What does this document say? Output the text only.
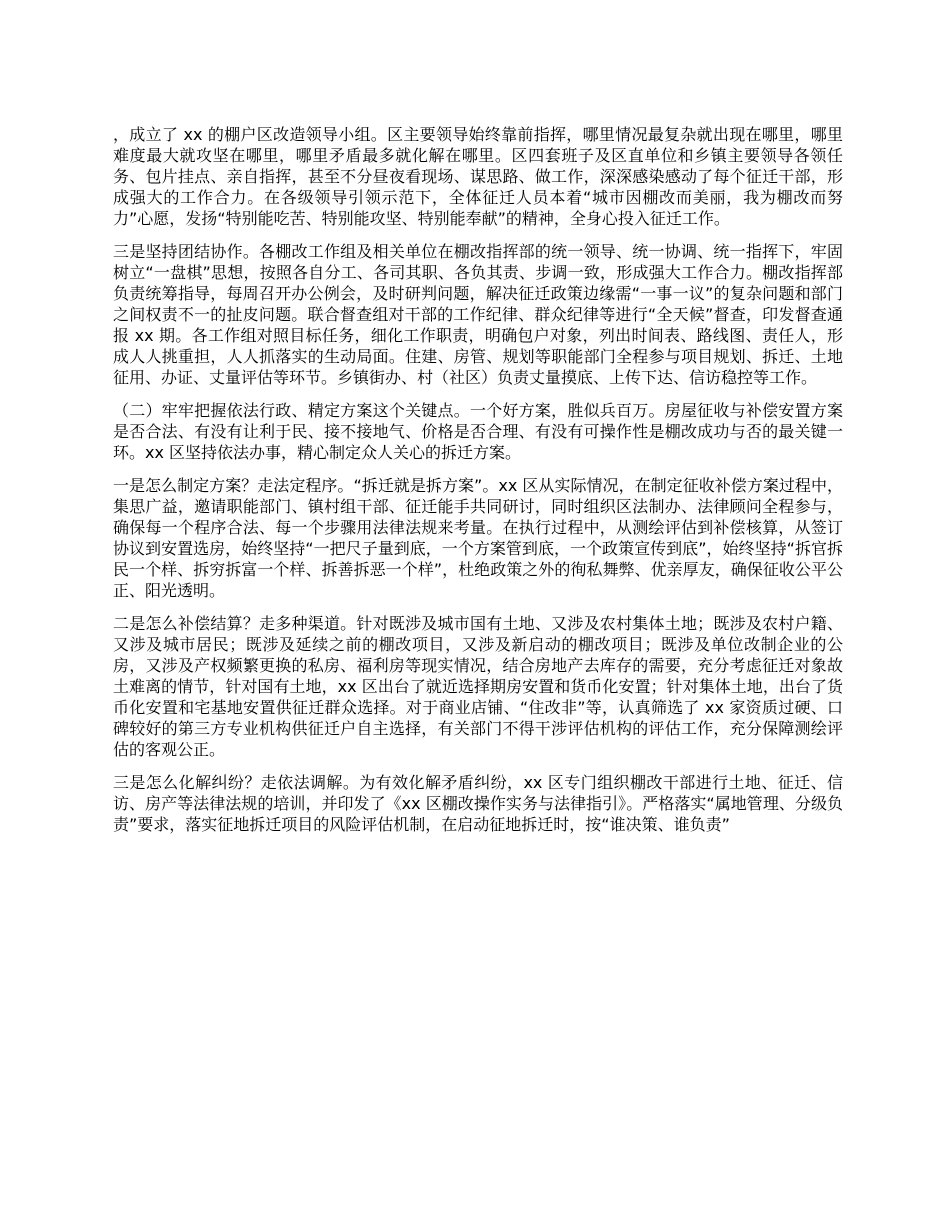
，成立了 xx 的棚户区改造领导小组。区主要领导始终靠前指挥，哪里情况最复杂就出现在哪里，哪里难度最大就攻坚在哪里，哪里矛盾最多就化解在哪里。区四套班子及区直单位和乡镇主要领导各领任务、包片挂点、亲自指挥，甚至不分昼夜看现场、谋思路、做工作，深深感染感动了每个征迁干部，形成强大的工作合力。在各级领导引领示范下，全体征迁人员本着“城市因棚改而美丽，我为棚改而努力”心愿，发扬“特别能吃苦、特别能攻坚、特别能奉献”的精神，全身心投入征迁工作。

三是坚持团结协作。各棚改工作组及相关单位在棚改指挥部的统一领导、统一协调、统一指挥下，牢固树立“一盘棋”思想，按照各自分工、各司其职、各负其责、步调一致，形成强大工作合力。棚改指挥部负责统筹指导，每周召开办公例会，及时研判问题，解决征迁政策边缘需“一事一议”的复杂问题和部门之间权责不一的扯皮问题。联合督查组对干部的工作纪律、群众纪律等进行“全天候”督查，印发督查通报 xx 期。各工作组对照目标任务，细化工作职责，明确包户对象，列出时间表、路线图、责任人，形成人人挑重担，人人抓落实的生动局面。住建、房管、规划等职能部门全程参与项目规划、拆迁、土地征用、办证、丈量评估等环节。乡镇街办、村（社区）负责丈量摸底、上传下达、信访稳控等工作。

（二）牢牢把握依法行政、精定方案这个关键点。一个好方案，胜似兵百万。房屋征收与补偿安置方案是否合法、有没有让利于民、接不接地气、价格是否合理、有没有可操作性是棚改成功与否的最关键一环。xx 区坚持依法办事，精心制定众人关心的拆迁方案。

一是怎么制定方案？走法定程序。“拆迁就是拆方案”。xx 区从实际情况，在制定征收补偿方案过程中，集思广益，邀请职能部门、镇村组干部、征迁能手共同研讨，同时组织区法制办、法律顾问全程参与，确保每一个程序合法、每一个步骤用法律法规来考量。在执行过程中，从测绘评估到补偿核算，从签订协议到安置选房，始终坚持“一把尺子量到底，一个方案管到底，一个政策宣传到底”，始终坚持“拆官拆民一个样、拆穷拆富一个样、拆善拆恶一个样”，杜绝政策之外的徇私舞弊、优亲厚友，确保征收公平公正、阳光透明。

二是怎么补偿结算？走多种渠道。针对既涉及城市国有土地、又涉及农村集体土地；既涉及农村户籍、又涉及城市居民；既涉及延续之前的棚改项目，又涉及新启动的棚改项目；既涉及单位改制企业的公房，又涉及产权频繁更换的私房、福利房等现实情况，结合房地产去库存的需要，充分考虑征迁对象故土难离的情节，针对国有土地，xx 区出台了就近选择期房安置和货币化安置；针对集体土地，出台了货币化安置和宅基地安置供征迁群众选择。对于商业店铺、“住改非”等，认真筛选了 xx 家资质过硬、口碑较好的第三方专业机构供征迁户自主选择，有关部门不得干涉评估机构的评估工作，充分保障测绘评估的客观公正。

三是怎么化解纠纷？走依法调解。为有效化解矛盾纠纷，xx 区专门组织棚改干部进行土地、征迁、信访、房产等法律法规的培训，并印发了《xx 区棚改操作实务与法律指引》。严格落实“属地管理、分级负责”要求，落实征地拆迁项目的风险评估机制，在启动征地拆迁时，按“谁决策、谁负责”
